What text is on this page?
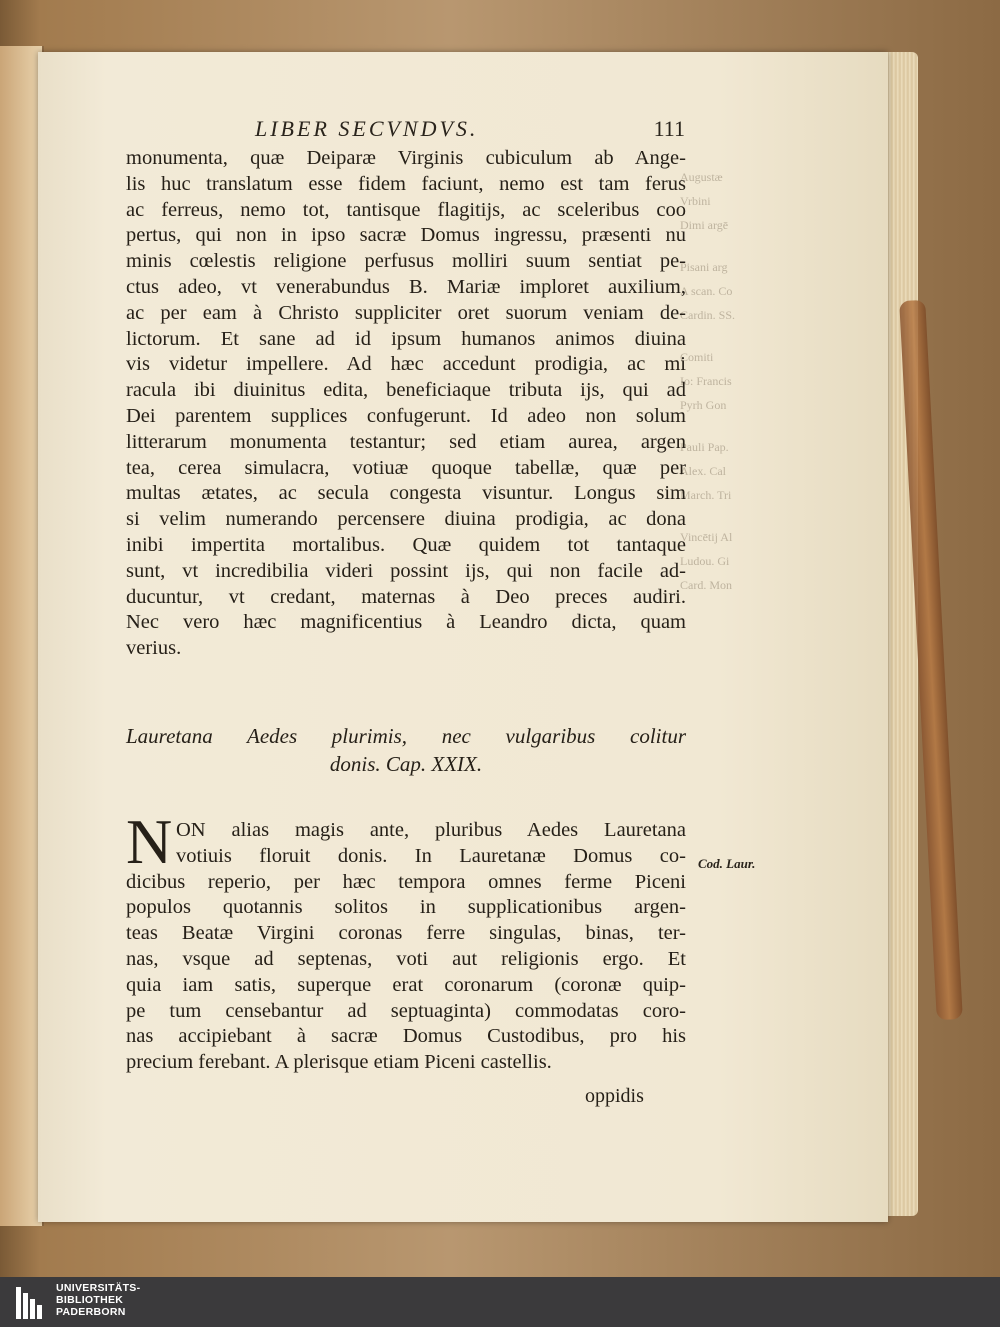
Augustæ
Vrbini
Dimi argē
Pisani arg
A scan. Co
Cardin. SS.
Comiti
Io: Francis
Pyrh Gon
Pauli Pap.
Alex. Cal
March. Tri
Vincētij Al
Ludou. Gi
Card. Mon
LIBER SECVNDVS.	111
monumenta, quæ Deiparæ Virginis cubiculum ab Ange-
lis huc translatum esse fidem faciunt, nemo est tam ferus
ac ferreus, nemo tot, tantisque flagitijs, ac sceleribus coo
pertus, qui non in ipso sacræ Domus ingressu, præsenti nu
minis cœlestis religione perfusus molliri suum sentiat pe-
ctus adeo, vt venerabundus B. Mariæ imploret auxilium,
ac per eam à Christo suppliciter oret suorum veniam de-
lictorum. Et sane ad id ipsum humanos animos diuina
vis videtur impellere. Ad hæc accedunt prodigia, ac mi
racula ibi diuinitus edita, beneficiaque tributa ijs, qui ad
Dei parentem supplices confugerunt. Id adeo non solum
litterarum monumenta testantur; sed etiam aurea, argen
tea, cerea simulacra, votiuæ quoque tabellæ, quæ per
multas ætates, ac secula congesta visuntur. Longus sim
si velim numerando percensere diuina prodigia, ac dona
inibi impertita mortalibus. Quæ quidem tot tantaque
sunt, vt incredibilia videri possint ijs, qui non facile ad-
ducuntur, vt credant, maternas à Deo preces audiri.
Nec vero hæc magnificentius à Leandro dicta, quam
verius.
Lauretana Aedes plurimis, nec vulgaribus colitur
donis. Cap. XXIX.
N ON alias magis ante, pluribus Aedes Lauretana
votiuis floruit donis. In Lauretanæ Domus co-
dicibus reperio, per hæc tempora omnes ferme Piceni
populos quotannis solitos in supplicationibus argen-
teas Beatæ Virgini coronas ferre singulas, binas, ter-
nas, vsque ad septenas, voti aut religionis ergo. Et
quia iam satis, superque erat coronarum (coronæ quip-
pe tum censebantur ad septuaginta) commodatas coro-
nas accipiebant à sacræ Domus Custodibus, pro his
precium ferebant. A plerisque etiam Piceni castellis.
Cod. Laur.
oppidis
UNIVERSITÄTS-
BIBLIOTHEK
PADERBORN
